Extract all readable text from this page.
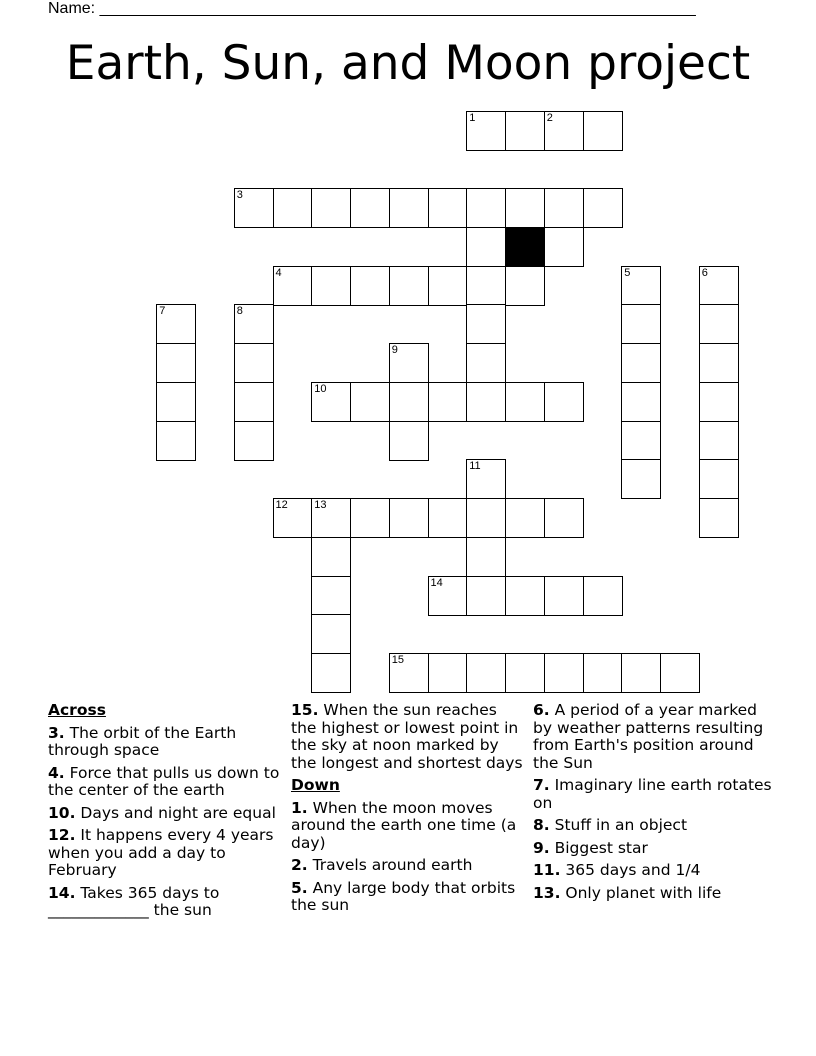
Name: ___________________________________________________________________
Earth, Sun, and Moon project
1	2
3
4	5	6
7	8
9
10
11
12 13
14
15
Across
3. The orbit of the Earth through space
4. Force that pulls us down to the center of the earth
10. Days and night are equal
12. It happens every 4 years when you add a day to February
14. Takes 365 days to _____________ the sun
15. When the sun reaches the highest or lowest point in the sky at noon marked by the longest and shortest days
Down
1. When the moon moves around the earth one time (a day)
2. Travels around earth
5. Any large body that orbits the sun
6. A period of a year marked by weather patterns resulting from Earth's position around the Sun
7. Imaginary line earth rotates on
8. Stuff in an object
9. Biggest star
11. 365 days and 1/4
13. Only planet with life
